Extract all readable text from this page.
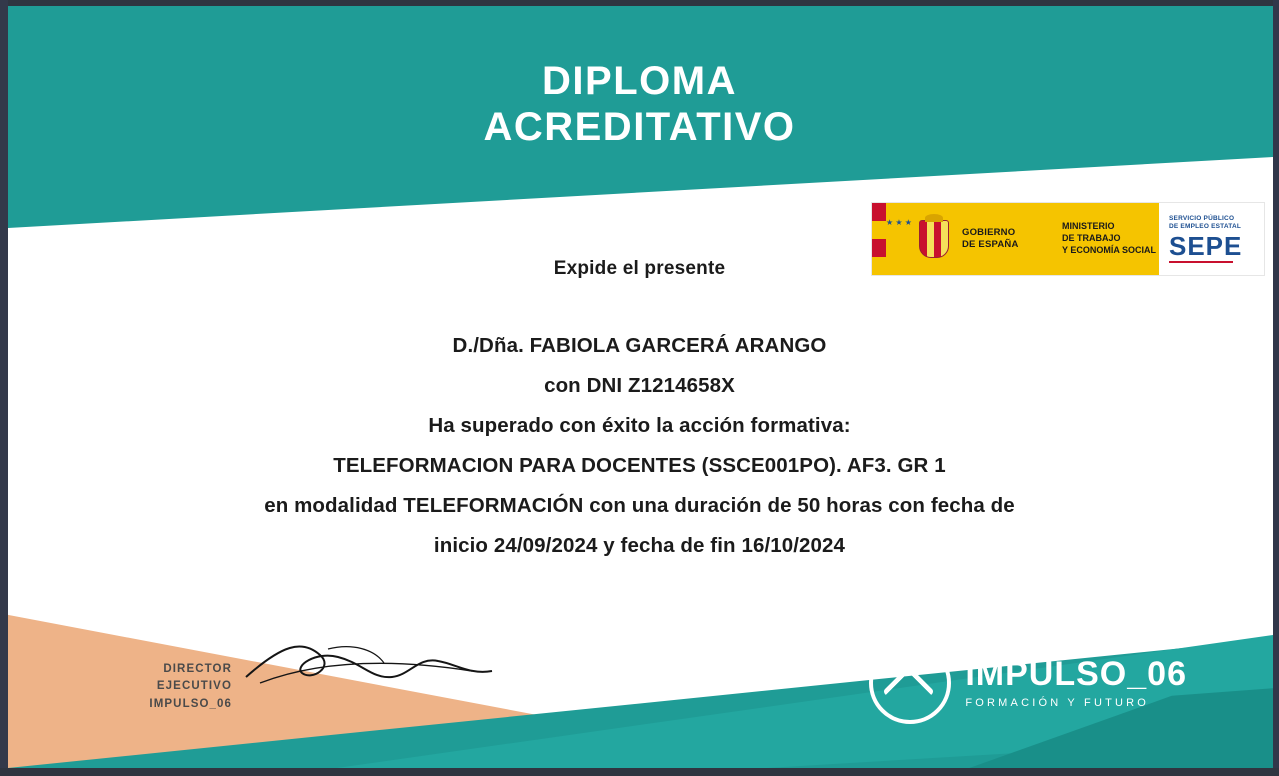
DIPLOMA
ACREDITATIVO
★ ★ ★
GOBIERNO
DE ESPAÑA
MINISTERIO
DE TRABAJO
Y ECONOMÍA SOCIAL
SERVICIO PÚBLICO
DE EMPLEO ESTATAL
SEPE
Expide el presente
D./Dña. FABIOLA GARCERÁ ARANGO
con DNI Z1214658X
Ha superado con éxito la acción formativa:
TELEFORMACION PARA DOCENTES (SSCE001PO). AF3. GR 1
en modalidad TELEFORMACIÓN con una duración de 50 horas con fecha de
inicio 24/09/2024 y fecha de fin 16/10/2024
DIRECTOR EJECUTIVO
IMPULSO_06
IMPULSO_06
FORMACIÓN Y FUTURO
